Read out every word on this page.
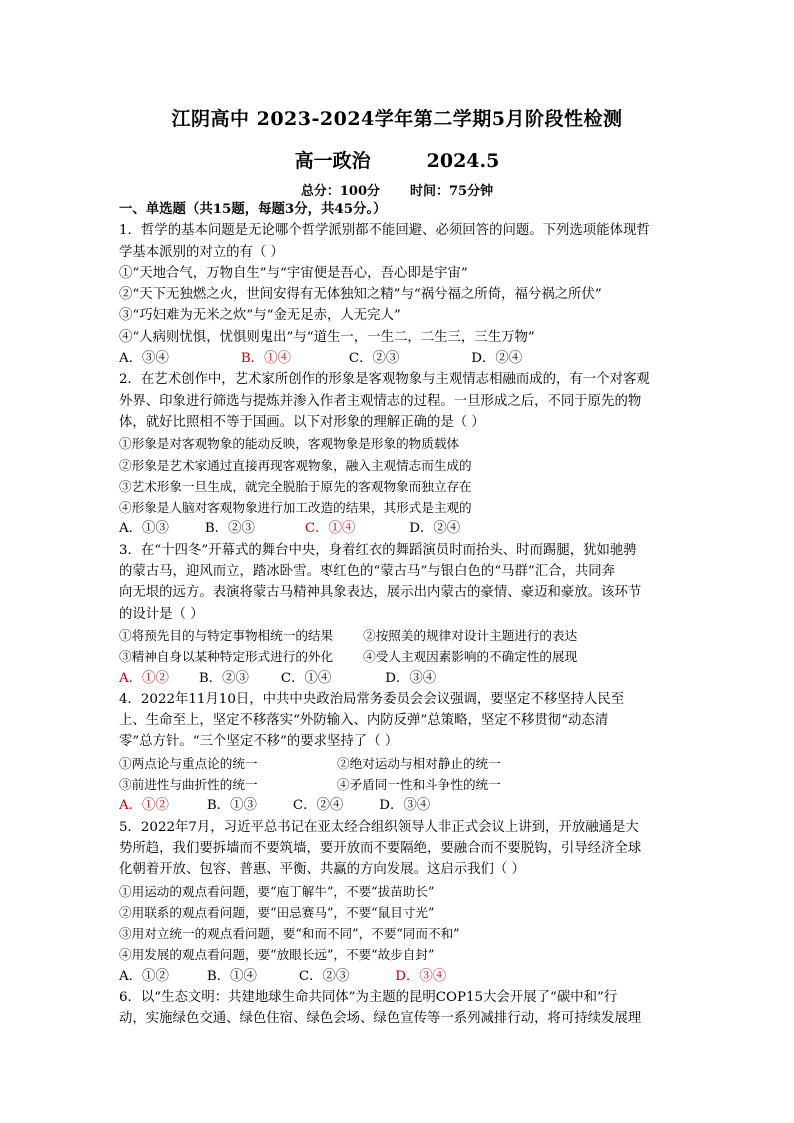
江阴高中 2023-2024学年第二学期5月阶段性检测
高一政治	2024.5
总分：100分 时间：75分钟
一、单选题（共15题，每题3分，共45分。）
1．哲学的基本问题是无论哪个哲学派别都不能回避、必须回答的问题。下列选项能体现哲
学基本派别的对立的有（ ）
①“天地合气，万物自生”与“宇宙便是吾心，吾心即是宇宙”
②“天下无独燃之火，世间安得有无体独知之精”与“祸兮福之所倚，福兮祸之所伏”
③“巧妇难为无米之炊”与“金无足赤，人无完人”
④“人病则忧惧，忧惧则鬼出”与“道生一，一生二，二生三，三生万物”
A．③④	B．①④	C．②③	D．②④
2．在艺术创作中，艺术家所创作的形象是客观物象与主观情志相融而成的，有一个对客观
外界、印象进行筛选与提炼并渗入作者主观情志的过程。一旦形成之后，不同于原先的物
体，就好比照相不等于国画。以下对形象的理解正确的是（ ）
①形象是对客观物象的能动反映，客观物象是形象的物质载体
②形象是艺术家通过直接再现客观物象，融入主观情志而生成的
③艺术形象一旦生成，就完全脱胎于原先的客观物象而独立存在
④形象是人脑对客观物象进行加工改造的结果，其形式是主观的
A．①③	B．②③	C．①④	D．②④
3．在“十四冬”开幕式的舞台中央，身着红衣的舞蹈演员时而抬头、时而踢腿，犹如驰骋
的蒙古马，迎风而立，踏冰卧雪。枣红色的“蒙古马”与银白色的“马群”汇合，共同奔
向无垠的远方。表演将蒙古马精神具象表达，展示出内蒙古的豪情、豪迈和豪放。该环节
的设计是（ ）
①将预先目的与特定事物相统一的结果 ②按照美的规律对设计主题进行的表达
③精神自身以某种特定形式进行的外化 ④受人主观因素影响的不确定性的展现
A．①② B．②③ C．①④	D．③④
4．2022年11月10日，中共中央政治局常务委员会会议强调，要坚定不移坚持人民至
上、生命至上，坚定不移落实“外防输入、内防反弹”总策略，坚定不移贯彻“动态清
零”总方针。“三个坚定不移”的要求坚持了（ ）
①两点论与重点论的统一	②绝对运动与相对静止的统一
③前进性与曲折性的统一	④矛盾同一性和斗争性的统一
A．①②	B．①③	C．②④	D．③④
5．2022年7月，习近平总书记在亚太经合组织领导人非正式会议上讲到，开放融通是大
势所趋，我们要拆墙而不要筑墙，要开放而不要隔绝，要融合而不要脱钩，引导经济全球
化朝着开放、包容、普惠、平衡、共赢的方向发展。这启示我们（ ）
①用运动的观点看问题，要“庖丁解牛”，不要“拔苗助长”
②用联系的观点看问题，要“田忌赛马”，不要“鼠目寸光”
③用对立统一的观点看问题，要“和而不同”，不要“同而不和”
④用发展的观点看问题，要“放眼长远”，不要“故步自封”
A．①②	B．①④	C．②③	D．③④
6．以“生态文明：共建地球生命共同体”为主题的昆明COP15大会开展了“碳中和”行
动，实施绿色交通、绿色住宿、绿色会场、绿色宣传等一系列减排行动，将可持续发展理
